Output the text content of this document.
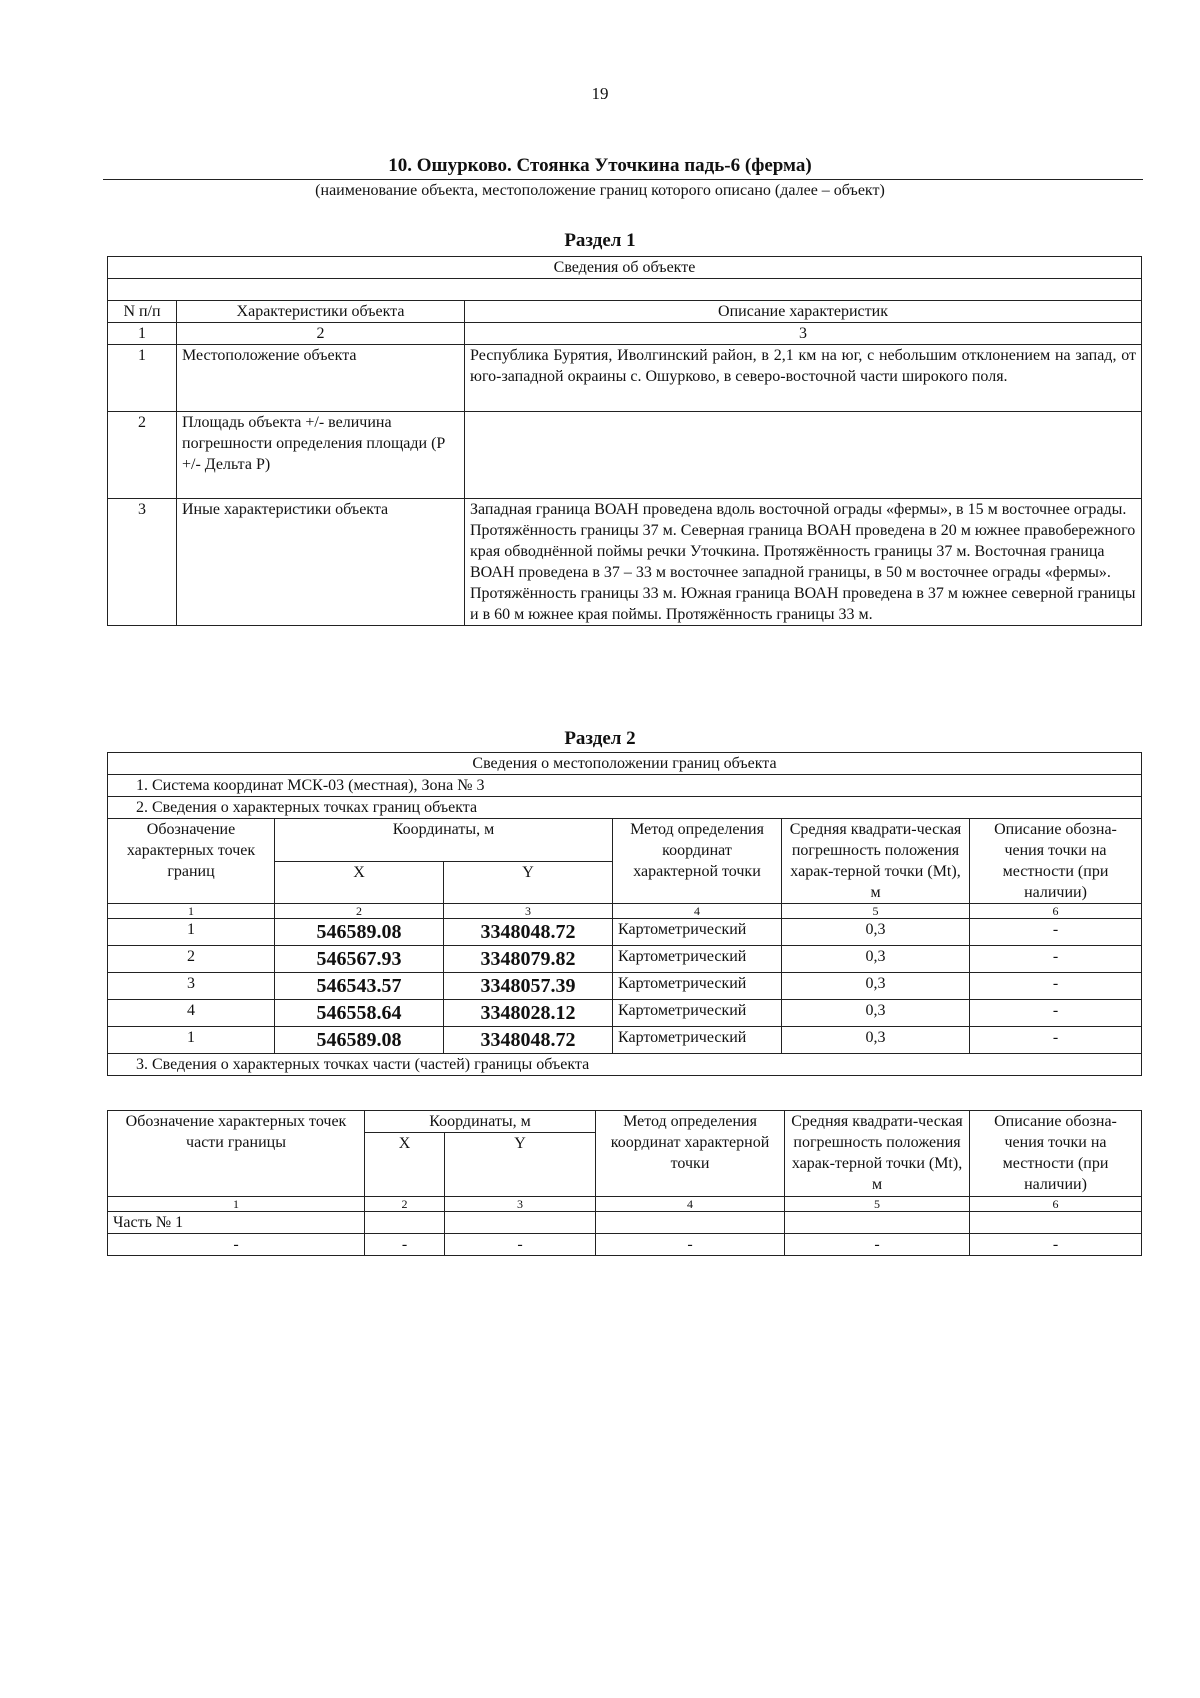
19
10. Ошурково. Стоянка Уточкина падь-6 (ферма)
(наименование объекта, местоположение границ которого описано (далее – объект)
Раздел 1
Сведения об объекте		

N п/п	Характеристики объекта	Описание характеристик
1	2	3
1	Местоположение объекта	Республика Бурятия, Иволгинский район, в 2,1 км на юг, с небольшим отклонением на запад, от юго-западной окраины с. Ошурково, в северо-восточной части широкого поля.
2	Площадь объекта +/- величина погрешности определения площади (Р +/- Дельта Р)	
3	Иные характеристики объекта	Западная граница ВОАН проведена вдоль восточной ограды «фермы», в 15 м восточнее ограды. Протяжённость границы 37 м. Северная граница ВОАН проведена в 20 м южнее правобережного края обводнённой поймы речки Уточкина. Протяжённость границы 37 м. Восточная граница ВОАН проведена в 37 – 33 м восточнее западной границы, в 50 м восточнее ограды «фермы». Протяжённость границы 33 м. Южная граница ВОАН проведена в 37 м южнее северной границы и в 60 м южнее края поймы. Протяжённость границы 33 м.
Раздел 2
Сведения о местоположении границ объекта					
1. Система координат МСК-03 (местная), Зона № 3					
2. Сведения о характерных точках границ объекта					
Обозначение характерных точек границ	Координаты, м		Метод определения координат характерной точки	Средняя квадрати-ческая погрешность положения харак-терной точки (Mt), м	Описание обозна-чения точки на местности (при наличии)
	X	Y			
1	2	3	4	5	6
1	546589.08	3348048.72	Картометрический	0,3	-
2	546567.93	3348079.82	Картометрический	0,3	-
3	546543.57	3348057.39	Картометрический	0,3	-
4	546558.64	3348028.12	Картометрический	0,3	-
1	546589.08	3348048.72	Картометрический	0,3	-
3. Сведения о характерных точках части (частей) границы объекта					
Обозначение характерных точек части границы	Координаты, м		Метод определения координат характерной точки	Средняя квадрати-ческая погрешность положения харак-терной точки (Mt), м	Описание обозна-чения точки на местности (при наличии)
	X	Y			
1	2	3	4	5	6
Часть № 1					
-	-	-	-	-	-
